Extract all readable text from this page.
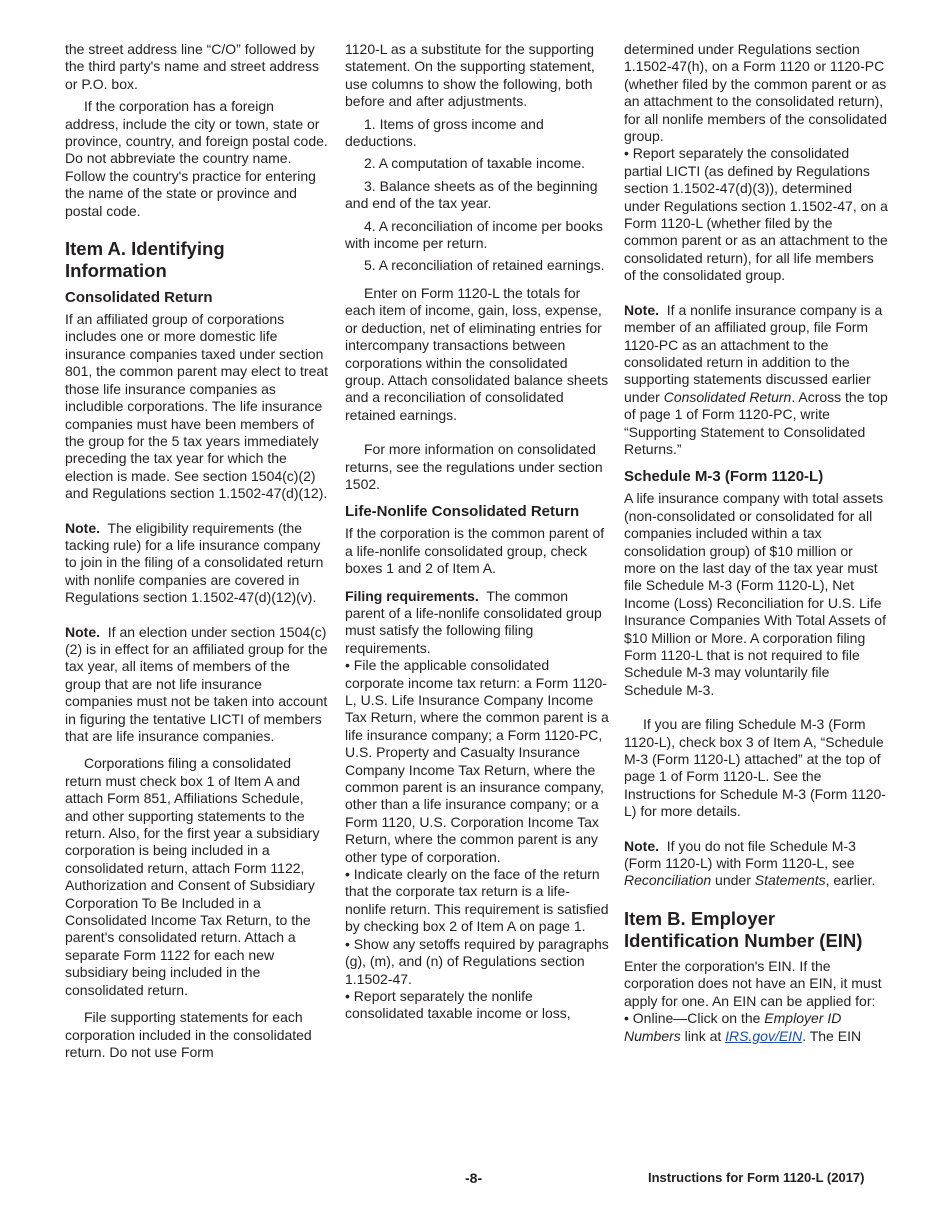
the street address line “C/O” followed by the third party's name and street address or P.O. box.

If the corporation has a foreign address, include the city or town, state or province, country, and foreign postal code. Do not abbreviate the country name. Follow the country's practice for entering the name of the state or province and postal code.

Item A. Identifying Information
Consolidated Return

If an affiliated group of corporations includes one or more domestic life insurance companies taxed under section 801, the common parent may elect to treat those life insurance companies as includible corporations. The life insurance companies must have been members of the group for the 5 tax years immediately preceding the tax year for which the election is made. See section 1504(c)(2) and Regulations section 1.1502-47(d)(12).

Note. The eligibility requirements (the tacking rule) for a life insurance company to join in the filing of a consolidated return with nonlife companies are covered in Regulations section 1.1502-47(d)(12)(v).

Note. If an election under section 1504(c)(2) is in effect for an affiliated group for the tax year, all items of members of the group that are not life insurance companies must not be taken into account in figuring the tentative LICTI of members that are life insurance companies.

Corporations filing a consolidated return must check box 1 of Item A and attach Form 851, Affiliations Schedule, and other supporting statements to the return. Also, for the first year a subsidiary corporation is being included in a consolidated return, attach Form 1122, Authorization and Consent of Subsidiary Corporation To Be Included in a Consolidated Income Tax Return, to the parent's consolidated return. Attach a separate Form 1122 for each new subsidiary being included in the consolidated return.

File supporting statements for each corporation included in the consolidated return. Do not use Form

1120-L as a substitute for the supporting statement. On the supporting statement, use columns to show the following, both before and after adjustments.

1. Items of gross income and deductions.

2. A computation of taxable income.

3. Balance sheets as of the beginning and end of the tax year.

4. A reconciliation of income per books with income per return.

5. A reconciliation of retained earnings.

Enter on Form 1120-L the totals for each item of income, gain, loss, expense, or deduction, net of eliminating entries for intercompany transactions between corporations within the consolidated group. Attach consolidated balance sheets and a reconciliation of consolidated retained earnings.

For more information on consolidated returns, see the regulations under section 1502.

Life-Nonlife Consolidated Return

If the corporation is the common parent of a life-nonlife consolidated group, check boxes 1 and 2 of Item A.

Filing requirements. The common parent of a life-nonlife consolidated group must satisfy the following filing requirements.

• File the applicable consolidated corporate income tax return: a Form 1120-L, U.S. Life Insurance Company Income Tax Return, where the common parent is a life insurance company; a Form 1120-PC, U.S. Property and Casualty Insurance Company Income Tax Return, where the common parent is an insurance company, other than a life insurance company; or a Form 1120, U.S. Corporation Income Tax Return, where the common parent is any other type of corporation.

• Indicate clearly on the face of the return that the corporate tax return is a life-nonlife return. This requirement is satisfied by checking box 2 of Item A on page 1.

• Show any setoffs required by paragraphs (g), (m), and (n) of Regulations section 1.1502-47.

• Report separately the nonlife consolidated taxable income or loss,

determined under Regulations section 1.1502-47(h), on a Form 1120 or 1120-PC (whether filed by the common parent or as an attachment to the consolidated return), for all nonlife members of the consolidated group.

• Report separately the consolidated partial LICTI (as defined by Regulations section 1.1502-47(d)(3)), determined under Regulations section 1.1502-47, on a Form 1120-L (whether filed by the common parent or as an attachment to the consolidated return), for all life members of the consolidated group.

Note. If a nonlife insurance company is a member of an affiliated group, file Form 1120-PC as an attachment to the consolidated return in addition to the supporting statements discussed earlier under Consolidated Return. Across the top of page 1 of Form 1120-PC, write “Supporting Statement to Consolidated Returns.”

Schedule M-3 (Form 1120-L)

A life insurance company with total assets (non-consolidated or consolidated for all companies included within a tax consolidation group) of $10 million or more on the last day of the tax year must file Schedule M-3 (Form 1120-L), Net Income (Loss) Reconciliation for U.S. Life Insurance Companies With Total Assets of $10 Million or More. A corporation filing Form 1120-L that is not required to file Schedule M-3 may voluntarily file Schedule M-3.

If you are filing Schedule M-3 (Form 1120-L), check box 3 of Item A, “Schedule M-3 (Form 1120-L) attached” at the top of page 1 of Form 1120-L. See the Instructions for Schedule M-3 (Form 1120-L) for more details.

Note. If you do not file Schedule M-3 (Form 1120-L) with Form 1120-L, see Reconciliation under Statements, earlier.

Item B. Employer Identification Number (EIN)

Enter the corporation's EIN. If the corporation does not have an EIN, it must apply for one. An EIN can be applied for:

• Online—Click on the Employer ID Numbers link at IRS.gov/EIN. The EIN

-8-	Instructions for Form 1120-L (2017)
